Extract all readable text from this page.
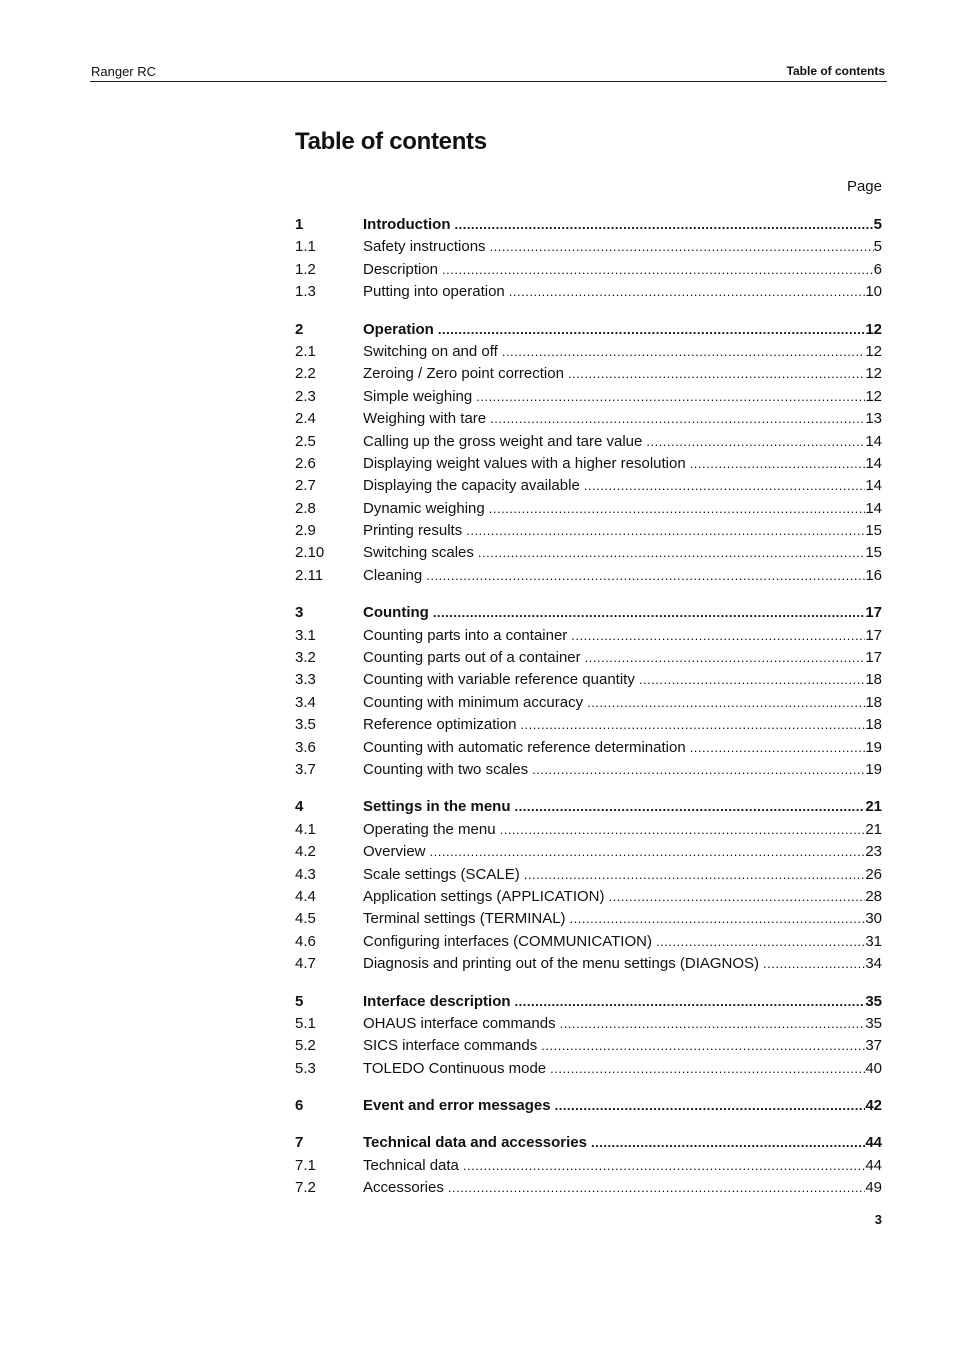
Ranger RC	Table of contents
Table of contents
Page
1	Introduction .....	5
1.1	Safety instructions .....	5
1.2	Description .....	6
1.3	Putting into operation .....	10
2	Operation .....	12
2.1	Switching on and off .....	12
2.2	Zeroing / Zero point correction .....	12
2.3	Simple weighing .....	12
2.4	Weighing with tare .....	13
2.5	Calling up the gross weight and tare value .....	14
2.6	Displaying weight values with a higher resolution .....	14
2.7	Displaying the capacity available .....	14
2.8	Dynamic weighing .....	14
2.9	Printing results .....	15
2.10	Switching scales .....	15
2.11	Cleaning .....	16
3	Counting .....	17
3.1	Counting parts into a container .....	17
3.2	Counting parts out of a container .....	17
3.3	Counting with variable reference quantity .....	18
3.4	Counting with minimum accuracy .....	18
3.5	Reference optimization .....	18
3.6	Counting with automatic reference determination .....	19
3.7	Counting with two scales .....	19
4	Settings in the menu .....	21
4.1	Operating the menu .....	21
4.2	Overview .....	23
4.3	Scale settings (SCALE) .....	26
4.4	Application settings (APPLICATION) .....	28
4.5	Terminal settings (TERMINAL) .....	30
4.6	Configuring interfaces (COMMUNICATION) .....	31
4.7	Diagnosis and printing out of the menu settings (DIAGNOS) .....	34
5	Interface description .....	35
5.1	OHAUS interface commands .....	35
5.2	SICS interface commands .....	37
5.3	TOLEDO Continuous mode .....	40
6	Event and error messages .....	42
7	Technical data and accessories .....	44
7.1	Technical data .....	44
7.2	Accessories .....	49
3
